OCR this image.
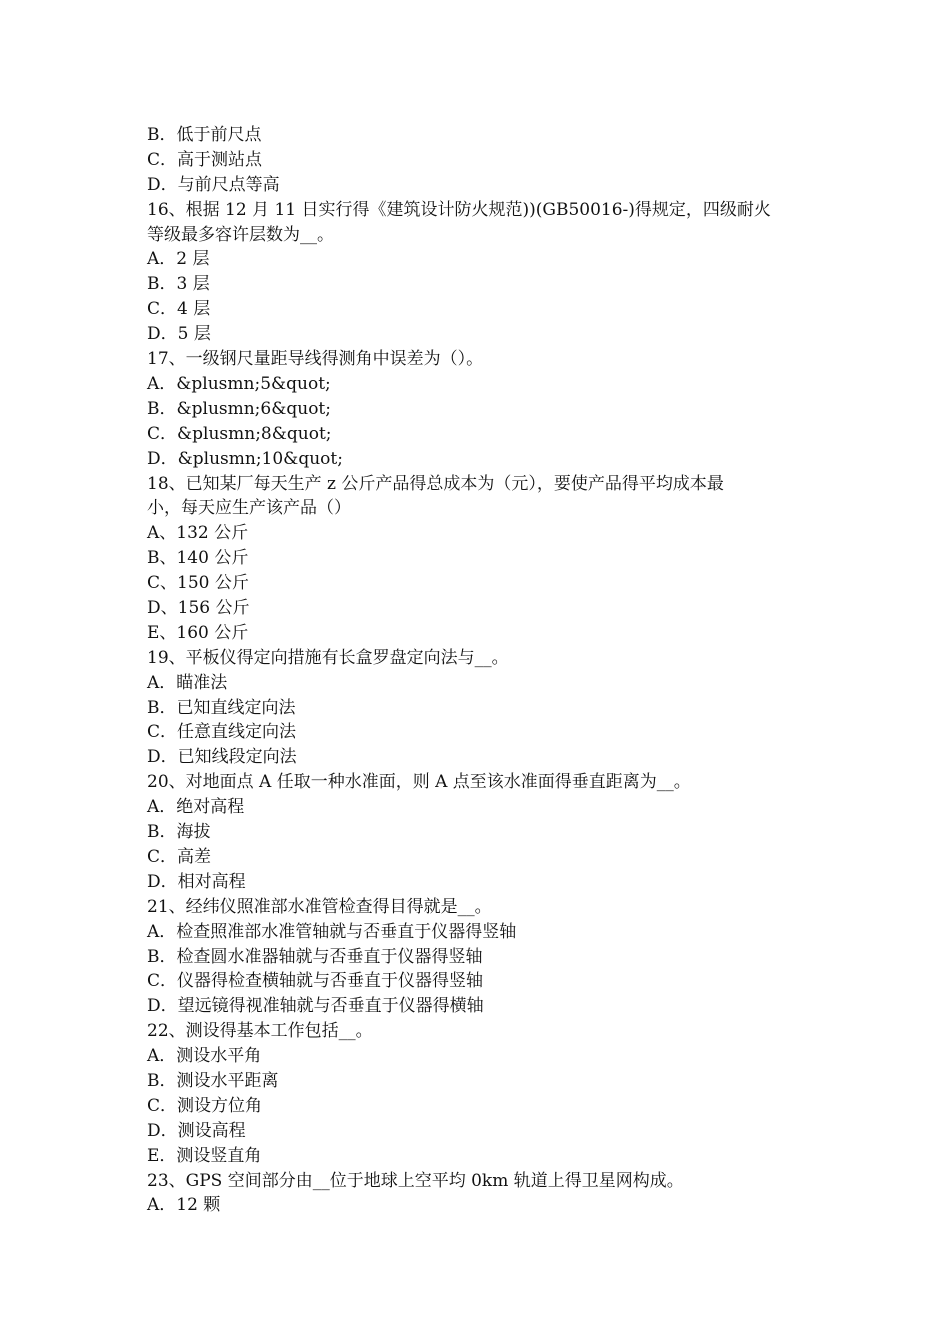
B．低于前尺点
C．高于测站点
D．与前尺点等高
16、根据 12 月 11 日实行得《建筑设计防火规范))(GB50016-)得规定，四级耐火
等级最多容许层数为__。
A．2 层
B．3 层
C．4 层
D．5 层
17、一级钢尺量距导线得测角中误差为（）。
A．&plusmn;5&quot;
B．&plusmn;6&quot;
C．&plusmn;8&quot;
D．&plusmn;10&quot;
18、已知某厂每天生产 z 公斤产品得总成本为（元），要使产品得平均成本最
小，每天应生产该产品（）
A、132 公斤
B、140 公斤
C、150 公斤
D、156 公斤
E、160 公斤
19、平板仪得定向措施有长盒罗盘定向法与__。
A．瞄准法
B．已知直线定向法
C．任意直线定向法
D．已知线段定向法
20、对地面点 A 任取一种水准面，则 A 点至该水准面得垂直距离为__。
A．绝对高程
B．海拔
C．高差
D．相对高程
21、经纬仪照准部水准管检查得目得就是__。
A．检查照准部水准管轴就与否垂直于仪器得竖轴
B．检查圆水准器轴就与否垂直于仪器得竖轴
C．仪器得检查横轴就与否垂直于仪器得竖轴
D．望远镜得视准轴就与否垂直于仪器得横轴
22、测设得基本工作包括__。
A．测设水平角
B．测设水平距离
C．测设方位角
D．测设高程
E．测设竖直角
23、GPS 空间部分由__位于地球上空平均 0km 轨道上得卫星网构成。
A．12 颗
